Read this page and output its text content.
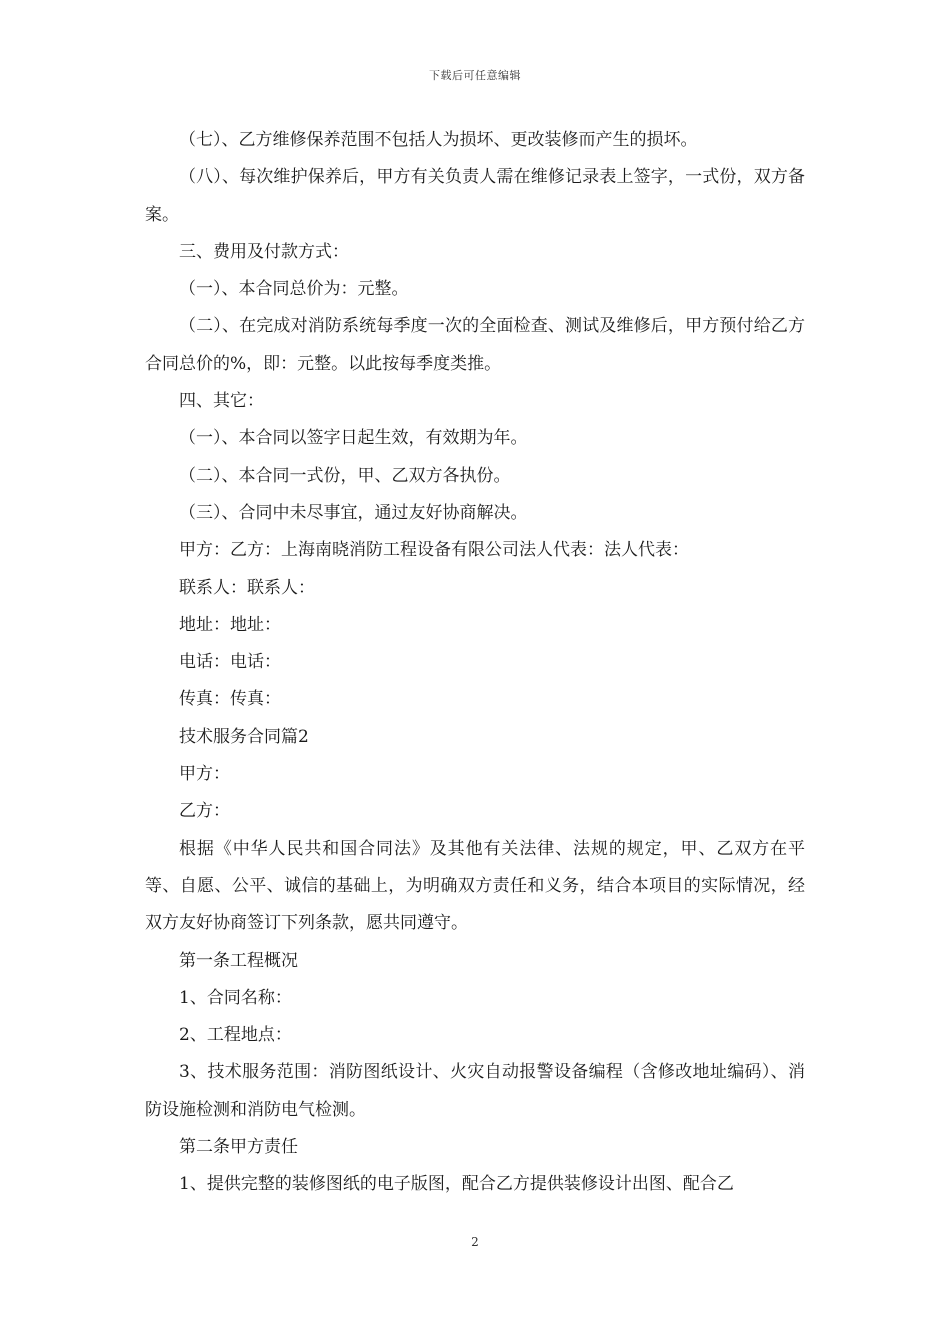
下载后可任意编辑

（七）、乙方维修保养范围不包括人为损坏、更改装修而产生的损坏。

（八）、每次维护保养后，甲方有关负责人需在维修记录表上签字，一式份，双方备案。

三、费用及付款方式：

（一）、本合同总价为：元整。

（二）、在完成对消防系统每季度一次的全面检查、测试及维修后，甲方预付给乙方合同总价的%，即：元整。以此按每季度类推。

四、其它：

（一）、本合同以签字日起生效，有效期为年。

（二）、本合同一式份，甲、乙双方各执份。

（三）、合同中未尽事宜，通过友好协商解决。

甲方：乙方：上海南晓消防工程设备有限公司法人代表：法人代表：

联系人：联系人：

地址：地址：

电话：电话：

传真：传真：

技术服务合同篇2

甲方：

乙方：

根据《中华人民共和国合同法》及其他有关法律、法规的规定，甲、乙双方在平等、自愿、公平、诚信的基础上，为明确双方责任和义务，结合本项目的实际情况，经双方友好协商签订下列条款，愿共同遵守。

第一条工程概况

1、合同名称：

2、工程地点：

3、技术服务范围：消防图纸设计、火灾自动报警设备编程（含修改地址编码）、消防设施检测和消防电气检测。

第二条甲方责任

1、提供完整的装修图纸的电子版图，配合乙方提供装修设计出图、配合乙

2
